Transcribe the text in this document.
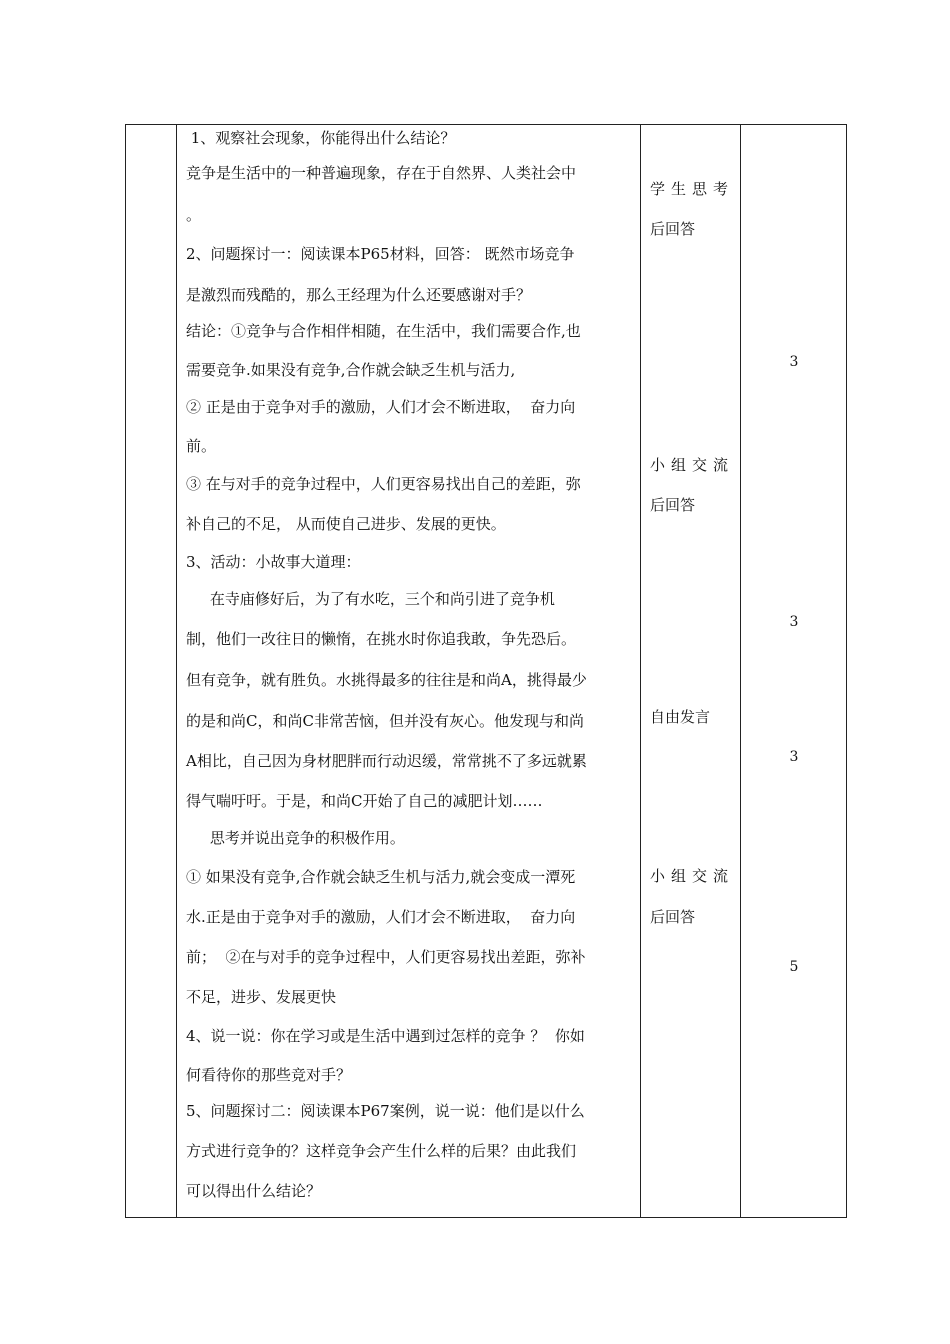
1、观察社会现象，你能得出什么结论？
竞争是生活中的一种普遍现象，存在于自然界、人类社会中
。
2、问题探讨一：阅读课本P65材料，回答： 既然市场竞争
是激烈而残酷的，那么王经理为什么还要感谢对手？
结论：①竞争与合作相伴相随，在生活中，我们需要合作,也
需要竞争.如果没有竞争,合作就会缺乏生机与活力,
② 正是由于竞争对手的激励，人们才会不断进取，  奋力向
前。
③ 在与对手的竞争过程中，人们更容易找出自己的差距，弥
补自己的不足， 从而使自己进步、发展的更快。
3、活动：小故事大道理：
在寺庙修好后，为了有水吃，三个和尚引进了竞争机
制，他们一改往日的懒惰，在挑水时你追我敢，争先恐后。
但有竞争，就有胜负。水挑得最多的往往是和尚A，挑得最少
的是和尚C，和尚C非常苦恼，但并没有灰心。他发现与和尚
A相比，自己因为身材肥胖而行动迟缓，常常挑不了多远就累
得气喘吁吁。于是，和尚C开始了自己的减肥计划……
思考并说出竞争的积极作用。
① 如果没有竞争,合作就会缺乏生机与活力,就会变成一潭死
水.正是由于竞争对手的激励，人们才会不断进取，  奋力向
前；  ②在与对手的竞争过程中，人们更容易找出差距，弥补
不足，进步、发展更快
4、说一说：你在学习或是生活中遇到过怎样的竞争 ？  你如
何看待你的那些竞对手？
5、问题探讨二：阅读课本P67案例，说一说：他们是以什么
方式进行竞争的？这样竞争会产生什么样的后果？由此我们
可以得出什么结论？
学生思考
后回答
小组交流
后回答
自由发言
小组交流
后回答
3
3
3
5
